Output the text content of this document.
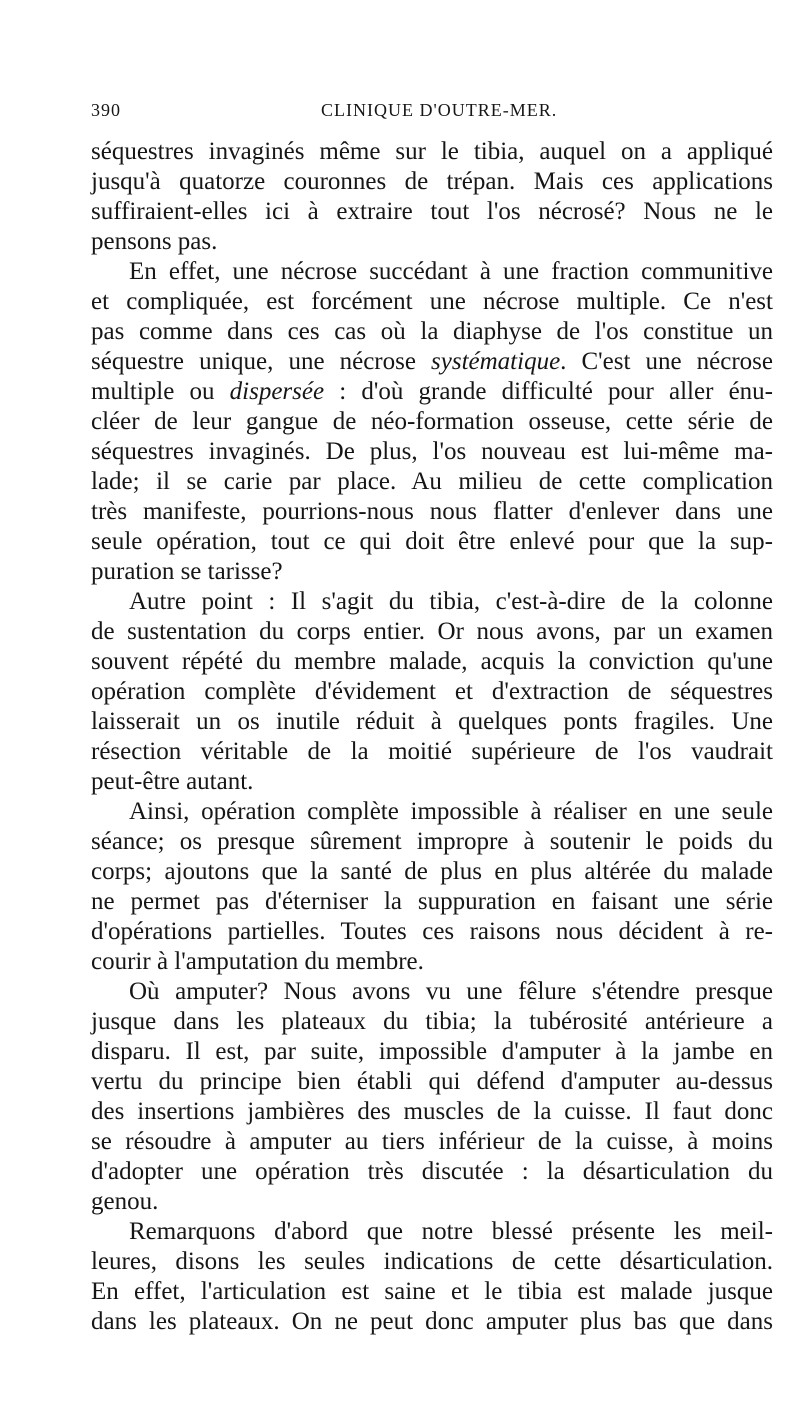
390	CLINIQUE D'OUTRE-MER.
séquestres invaginés même sur le tibia, auquel on a appliqué
jusqu'à quatorze couronnes de trépan. Mais ces applications
suffiraient-elles ici à extraire tout l'os nécrosé? Nous ne le
pensons pas.
En effet, une nécrose succédant à une fraction communitive
et compliquée, est forcément une nécrose multiple. Ce n'est
pas comme dans ces cas où la diaphyse de l'os constitue un
séquestre unique, une nécrose systématique. C'est une nécrose
multiple ou dispersée : d'où grande difficulté pour aller énu-
cléer de leur gangue de néo-formation osseuse, cette série de
séquestres invaginés. De plus, l'os nouveau est lui-même ma-
lade; il se carie par place. Au milieu de cette complication
très manifeste, pourrions-nous nous flatter d'enlever dans une
seule opération, tout ce qui doit être enlevé pour que la sup-
puration se tarisse?
Autre point : Il s'agit du tibia, c'est-à-dire de la colonne
de sustentation du corps entier. Or nous avons, par un examen
souvent répété du membre malade, acquis la conviction qu'une
opération complète d'évidement et d'extraction de séquestres
laisserait un os inutile réduit à quelques ponts fragiles. Une
résection véritable de la moitié supérieure de l'os vaudrait
peut-être autant.
Ainsi, opération complète impossible à réaliser en une seule
séance; os presque sûrement impropre à soutenir le poids du
corps; ajoutons que la santé de plus en plus altérée du malade
ne permet pas d'éterniser la suppuration en faisant une série
d'opérations partielles. Toutes ces raisons nous décident à re-
courir à l'amputation du membre.
Où amputer? Nous avons vu une fêlure s'étendre presque
jusque dans les plateaux du tibia; la tubérosité antérieure a
disparu. Il est, par suite, impossible d'amputer à la jambe en
vertu du principe bien établi qui défend d'amputer au-dessus
des insertions jambières des muscles de la cuisse. Il faut donc
se résoudre à amputer au tiers inférieur de la cuisse, à moins
d'adopter une opération très discutée : la désarticulation du
genou.
Remarquons d'abord que notre blessé présente les meil-
leures, disons les seules indications de cette désarticulation.
En effet, l'articulation est saine et le tibia est malade jusque
dans les plateaux. On ne peut donc amputer plus bas que dans
